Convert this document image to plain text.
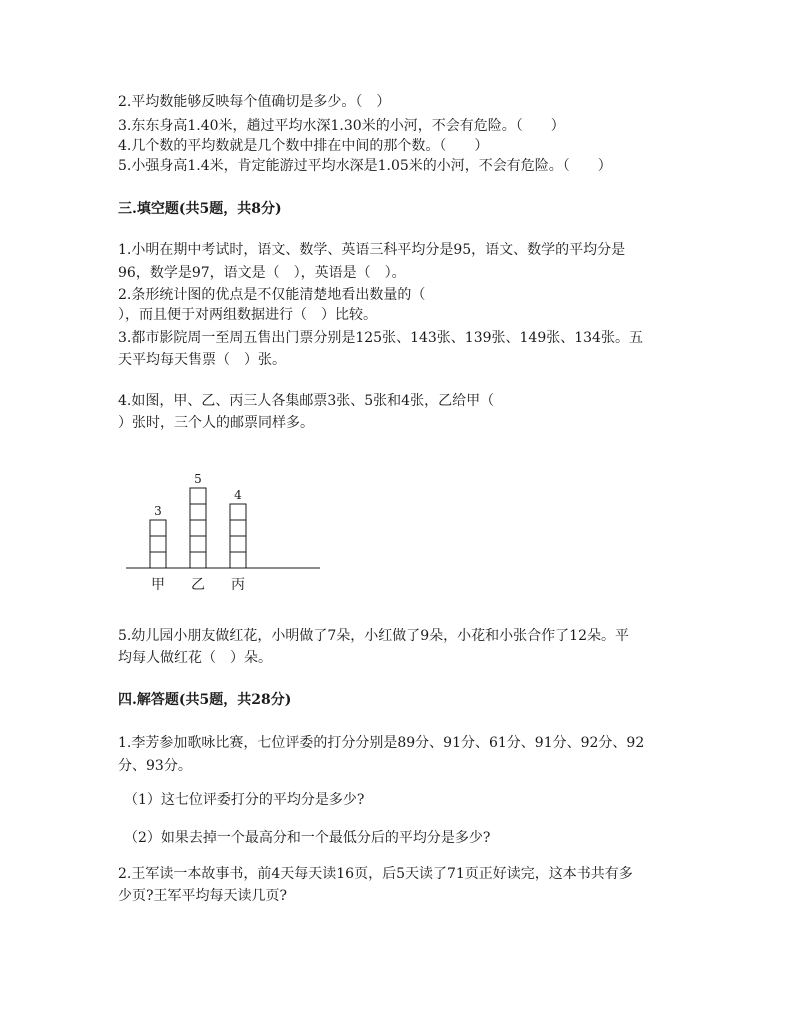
2.平均数能够反映每个值确切是多少。（　）
3.东东身高1.40米，趟过平均水深1.30米的小河，不会有危险。（　　）
4.几个数的平均数就是几个数中排在中间的那个数。（　　）
5.小强身高1.4米，肯定能游过平均水深是1.05米的小河，不会有危险。（　　）
三.填空题(共5题，共8分)
1.小明在期中考试时，语文、数学、英语三科平均分是95，语文、数学的平均分是
96，数学是97，语文是（　），英语是（　）。
2.条形统计图的优点是不仅能清楚地看出数量的（
），而且便于对两组数据进行（　）比较。
3.都市影院周一至周五售出门票分别是125张、143张、139张、149张、134张。五
天平均每天售票（　）张。
4.如图，甲、乙、丙三人各集邮票3张、5张和4张，乙给甲（
）张时，三个人的邮票同样多。
3
甲
5
乙
4
丙
5.幼儿园小朋友做红花，小明做了7朵，小红做了9朵，小花和小张合作了12朵。平
均每人做红花（　）朵。
四.解答题(共5题，共28分)
1.李芳参加歌咏比赛，七位评委的打分分别是89分、91分、61分、91分、92分、92
分、93分。
（1）这七位评委打分的平均分是多少?
（2）如果去掉一个最高分和一个最低分后的平均分是多少?
2.王军读一本故事书，前4天每天读16页，后5天读了71页正好读完，这本书共有多
少页?王军平均每天读几页?
